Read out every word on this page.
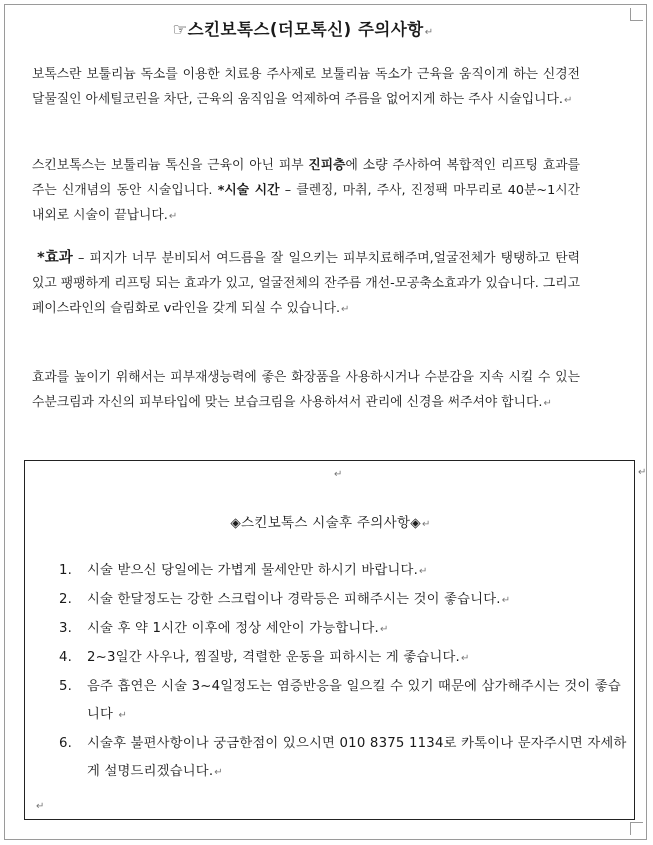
☞스킨보톡스(더모톡신) 주의사항↵

보톡스란 보툴리늄 독소를 이용한 치료용 주사제로 보툴리늄 독소가 근육을 움직이게 하는 신경전달물질인 아세틸코린을 차단, 근육의 움직임을 억제하여 주름을 없어지게 하는 주사 시술입니다.↵

스킨보톡스는 보툴리늄 톡신을 근육이 아닌 피부 진피층에 소량 주사하여 복합적인 리프팅 효과를 주는 신개념의 동안 시술입니다. *시술 시간 – 클렌징, 마취, 주사, 진정팩 마무리로 40분~1시간 내외로 시술이 끝납니다.↵

*효과 – 피지가 너무 분비되서 여드름을 잘 일으키는 피부치료해주며,얼굴전체가 탱탱하고 탄력있고 팽팽하게 리프팅 되는 효과가 있고, 얼굴전체의 잔주름 개선-모공축소효과가 있습니다. 그리고 페이스라인의 슬림화로 v라인을 갖게 되실 수 있습니다.↵

효과를 높이기 위해서는 피부재생능력에 좋은 화장품을 사용하시거나 수분감을 지속 시킬 수 있는 수분크림과 자신의 피부타입에 맞는 보습크림을 사용하셔서 관리에 신경을 써주셔야 합니다.↵

↵	↵
◈스킨보톡스 시술후 주의사항◈↵
1. 시술 받으신 당일에는 가볍게 물세안만 하시기 바랍니다.↵
2. 시술 한달정도는 강한 스크럽이나 경락등은 피해주시는 것이 좋습니다.↵
3. 시술 후 약 1시간 이후에 정상 세안이 가능합니다.↵
4. 2~3일간 사우나, 찜질방, 격렬한 운동을 피하시는 게 좋습니다.↵
5. 음주 흡연은 시술 3~4일정도는 염증반응을 일으킬 수 있기 때문에 삼가해주시는 것이 좋습니다 ↵
6. 시술후 불편사항이나 궁금한점이 있으시면 010 8375 1134로 카톡이나 문자주시면 자세하게 설명드리겠습니다.↵
↵
